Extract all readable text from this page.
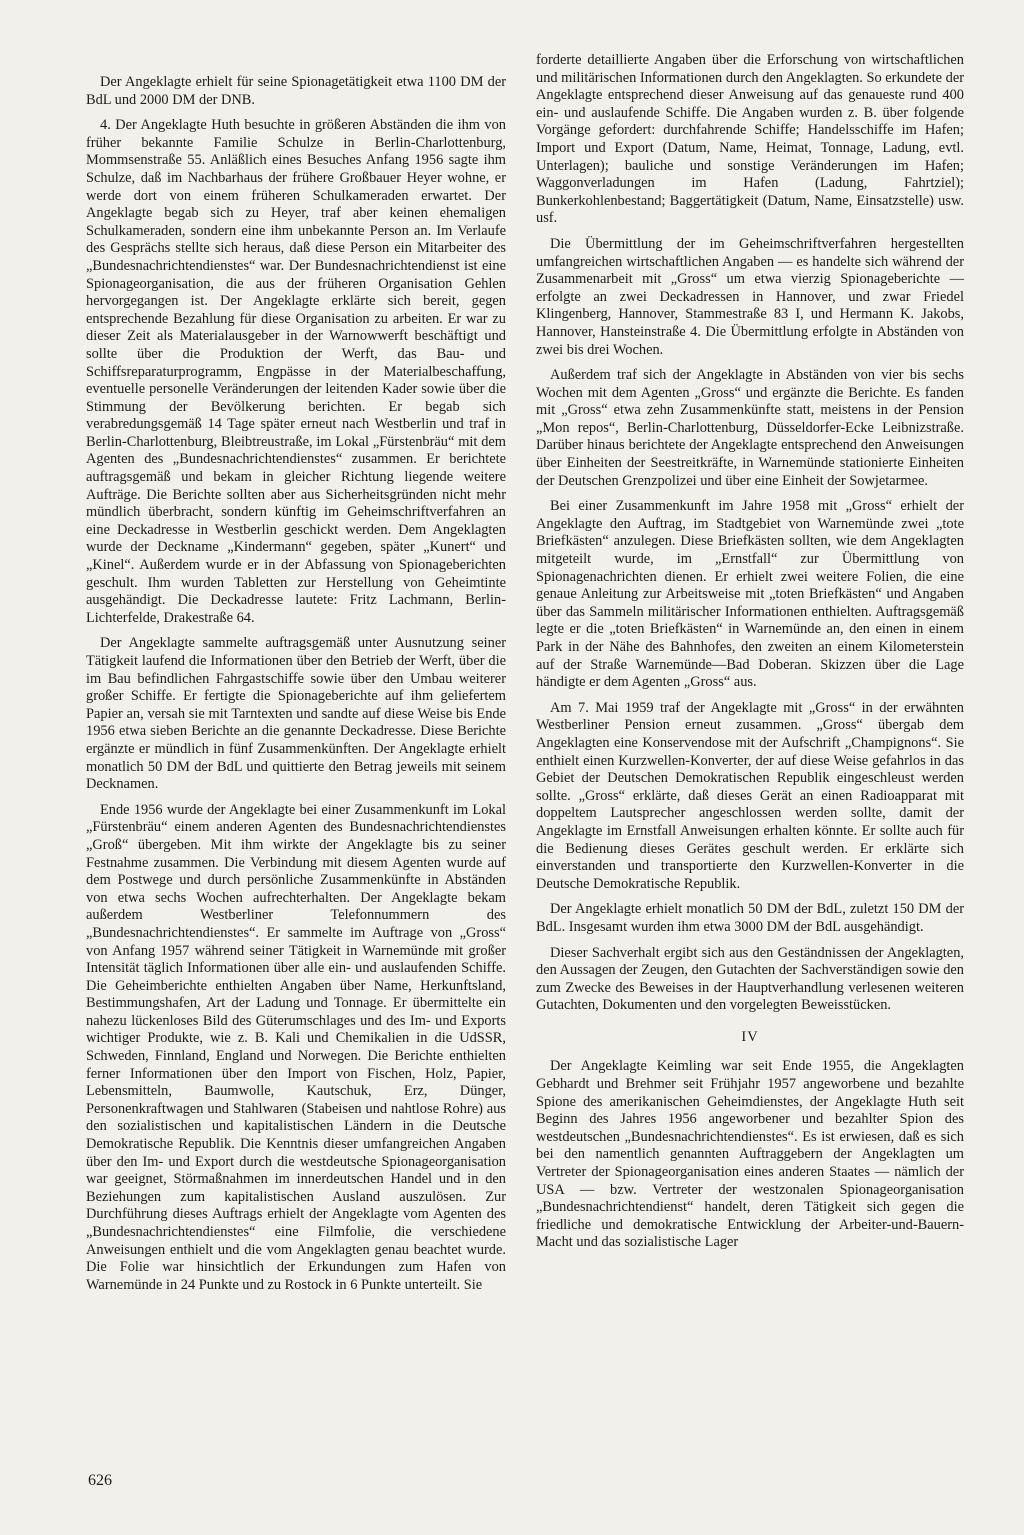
Der Angeklagte erhielt für seine Spionagetätigkeit etwa 1100 DM der BdL und 2000 DM der DNB.

4. Der Angeklagte Huth besuchte in größeren Abständen die ihm von früher bekannte Familie Schulze in Berlin-Charlottenburg, Mommsenstraße 55. Anläßlich eines Besuches Anfang 1956 sagte ihm Schulze, daß im Nachbarhaus der frühere Großbauer Heyer wohne, er werde dort von einem früheren Schulkameraden erwartet. Der Angeklagte begab sich zu Heyer, traf aber keinen ehemaligen Schulkameraden, sondern eine ihm unbekannte Person an. Im Verlaufe des Gesprächs stellte sich heraus, daß diese Person ein Mitarbeiter des „Bundesnachrichtendienstes“ war. Der Bundesnachrichtendienst ist eine Spionageorganisation, die aus der früheren Organisation Gehlen hervorgegangen ist. Der Angeklagte erklärte sich bereit, gegen entsprechende Bezahlung für diese Organisation zu arbeiten. Er war zu dieser Zeit als Materialausgeber in der Warnowwerft beschäftigt und sollte über die Produktion der Werft, das Bau- und Schiffsreparaturprogramm, Engpässe in der Materialbeschaffung, eventuelle personelle Veränderungen der leitenden Kader sowie über die Stimmung der Bevölkerung berichten. Er begab sich verabredungsgemäß 14 Tage später erneut nach Westberlin und traf in Berlin-Charlottenburg, Bleibtreustraße, im Lokal „Fürstenbräu“ mit dem Agenten des „Bundesnachrichtendienstes“ zusammen. Er berichtete auftragsgemäß und bekam in gleicher Richtung liegende weitere Aufträge. Die Berichte sollten aber aus Sicherheitsgründen nicht mehr mündlich überbracht, sondern künftig im Geheimschriftverfahren an eine Deckadresse in Westberlin geschickt werden. Dem Angeklagten wurde der Deckname „Kindermann“ gegeben, später „Kunert“ und „Kinel“. Außerdem wurde er in der Abfassung von Spionageberichten geschult. Ihm wurden Tabletten zur Herstellung von Geheimtinte ausgehändigt. Die Deckadresse lautete: Fritz Lachmann, Berlin-Lichterfelde, Drakestraße 64.

Der Angeklagte sammelte auftragsgemäß unter Ausnutzung seiner Tätigkeit laufend die Informationen über den Betrieb der Werft, über die im Bau befindlichen Fahrgastschiffe sowie über den Umbau weiterer großer Schiffe. Er fertigte die Spionageberichte auf ihm geliefertem Papier an, versah sie mit Tarntexten und sandte auf diese Weise bis Ende 1956 etwa sieben Berichte an die genannte Deckadresse. Diese Berichte ergänzte er mündlich in fünf Zusammenkünften. Der Angeklagte erhielt monatlich 50 DM der BdL und quittierte den Betrag jeweils mit seinem Decknamen.

Ende 1956 wurde der Angeklagte bei einer Zusammenkunft im Lokal „Fürstenbräu“ einem anderen Agenten des Bundesnachrichtendienstes „Groß“ übergeben. Mit ihm wirkte der Angeklagte bis zu seiner Festnahme zusammen. Die Verbindung mit diesem Agenten wurde auf dem Postwege und durch persönliche Zusammenkünfte in Abständen von etwa sechs Wochen aufrechterhalten. Der Angeklagte bekam außerdem Westberliner Telefonnummern des „Bundesnachrichtendienstes“. Er sammelte im Auftrage von „Gross“ von Anfang 1957 während seiner Tätigkeit in Warnemünde mit großer Intensität täglich Informationen über alle ein- und auslaufenden Schiffe. Die Geheimberichte enthielten Angaben über Name, Herkunftsland, Bestimmungshafen, Art der Ladung und Tonnage. Er übermittelte ein nahezu lückenloses Bild des Güterumschlages und des Im- und Exports wichtiger Produkte, wie z. B. Kali und Chemikalien in die UdSSR, Schweden, Finnland, England und Norwegen. Die Berichte enthielten ferner Informationen über den Import von Fischen, Holz, Papier, Lebensmitteln, Baumwolle, Kautschuk, Erz, Dünger, Personenkraftwagen und Stahlwaren (Stabeisen und nahtlose Rohre) aus den sozialistischen und kapitalistischen Ländern in die Deutsche Demokratische Republik. Die Kenntnis dieser umfangreichen Angaben über den Im- und Export durch die westdeutsche Spionageorganisation war geeignet, Störmaßnahmen im innerdeutschen Handel und in den Beziehungen zum kapitalistischen Ausland auszulösen. Zur Durchführung dieses Auftrags erhielt der Angeklagte vom Agenten des „Bundesnachrichtendienstes“ eine Filmfolie, die verschiedene Anweisungen enthielt und die vom Angeklagten genau beachtet wurde. Die Folie war hinsichtlich der Erkundungen zum Hafen von Warnemünde in 24 Punkte und zu Rostock in 6 Punkte unterteilt. Sie

forderte detaillierte Angaben über die Erforschung von wirtschaftlichen und militärischen Informationen durch den Angeklagten. So erkundete der Angeklagte entsprechend dieser Anweisung auf das genaueste rund 400 ein- und auslaufende Schiffe. Die Angaben wurden z. B. über folgende Vorgänge gefordert: durchfahrende Schiffe; Handelsschiffe im Hafen; Import und Export (Datum, Name, Heimat, Tonnage, Ladung, evtl. Unterlagen); bauliche und sonstige Veränderungen im Hafen; Waggonverladungen im Hafen (Ladung, Fahrtziel); Bunkerkohlenbestand; Baggertätigkeit (Datum, Name, Einsatzstelle) usw. usf.

Die Übermittlung der im Geheimschriftverfahren hergestellten umfangreichen wirtschaftlichen Angaben — es handelte sich während der Zusammenarbeit mit „Gross“ um etwa vierzig Spionageberichte — erfolgte an zwei Deckadressen in Hannover, und zwar Friedel Klingenberg, Hannover, Stammestraße 83 I, und Hermann K. Jakobs, Hannover, Hansteinstraße 4. Die Übermittlung erfolgte in Abständen von zwei bis drei Wochen.

Außerdem traf sich der Angeklagte in Abständen von vier bis sechs Wochen mit dem Agenten „Gross“ und ergänzte die Berichte. Es fanden mit „Gross“ etwa zehn Zusammenkünfte statt, meistens in der Pension „Mon repos“, Berlin-Charlottenburg, Düsseldorfer-Ecke Leibnizstraße. Darüber hinaus berichtete der Angeklagte entsprechend den Anweisungen über Einheiten der Seestreitkräfte, in Warnemünde stationierte Einheiten der Deutschen Grenzpolizei und über eine Einheit der Sowjetarmee.

Bei einer Zusammenkunft im Jahre 1958 mit „Gross“ erhielt der Angeklagte den Auftrag, im Stadtgebiet von Warnemünde zwei „tote Briefkästen“ anzulegen. Diese Briefkästen sollten, wie dem Angeklagten mitgeteilt wurde, im „Ernstfall“ zur Übermittlung von Spionagenachrichten dienen. Er erhielt zwei weitere Folien, die eine genaue Anleitung zur Arbeitsweise mit „toten Briefkästen“ und Angaben über das Sammeln militärischer Informationen enthielten. Auftragsgemäß legte er die „toten Briefkästen“ in Warnemünde an, den einen in einem Park in der Nähe des Bahnhofes, den zweiten an einem Kilometerstein auf der Straße Warnemünde—Bad Doberan. Skizzen über die Lage händigte er dem Agenten „Gross“ aus.

Am 7. Mai 1959 traf der Angeklagte mit „Gross“ in der erwähnten Westberliner Pension erneut zusammen. „Gross“ übergab dem Angeklagten eine Konservendose mit der Aufschrift „Champignons“. Sie enthielt einen Kurzwellen-Konverter, der auf diese Weise gefahrlos in das Gebiet der Deutschen Demokratischen Republik eingeschleust werden sollte. „Gross“ erklärte, daß dieses Gerät an einen Radioapparat mit doppeltem Lautsprecher angeschlossen werden sollte, damit der Angeklagte im Ernstfall Anweisungen erhalten könnte. Er sollte auch für die Bedienung dieses Gerätes geschult werden. Er erklärte sich einverstanden und transportierte den Kurzwellen-Konverter in die Deutsche Demokratische Republik.

Der Angeklagte erhielt monatlich 50 DM der BdL, zuletzt 150 DM der BdL. Insgesamt wurden ihm etwa 3000 DM der BdL ausgehändigt.

Dieser Sachverhalt ergibt sich aus den Geständnissen der Angeklagten, den Aussagen der Zeugen, den Gutachten der Sachverständigen sowie den zum Zwecke des Beweises in der Hauptverhandlung verlesenen weiteren Gutachten, Dokumenten und den vorgelegten Beweisstücken.

IV

Der Angeklagte Keimling war seit Ende 1955, die Angeklagten Gebhardt und Brehmer seit Frühjahr 1957 angeworbene und bezahlte Spione des amerikanischen Geheimdienstes, der Angeklagte Huth seit Beginn des Jahres 1956 angeworbener und bezahlter Spion des westdeutschen „Bundesnachrichtendienstes“. Es ist erwiesen, daß es sich bei den namentlich genannten Auftraggebern der Angeklagten um Vertreter der Spionageorganisation eines anderen Staates — nämlich der USA — bzw. Vertreter der westzonalen Spionageorganisation „Bundesnachrichtendienst“ handelt, deren Tätigkeit sich gegen die friedliche und demokratische Entwicklung der Arbeiter-und-Bauern-Macht und das sozialistische Lager

626
